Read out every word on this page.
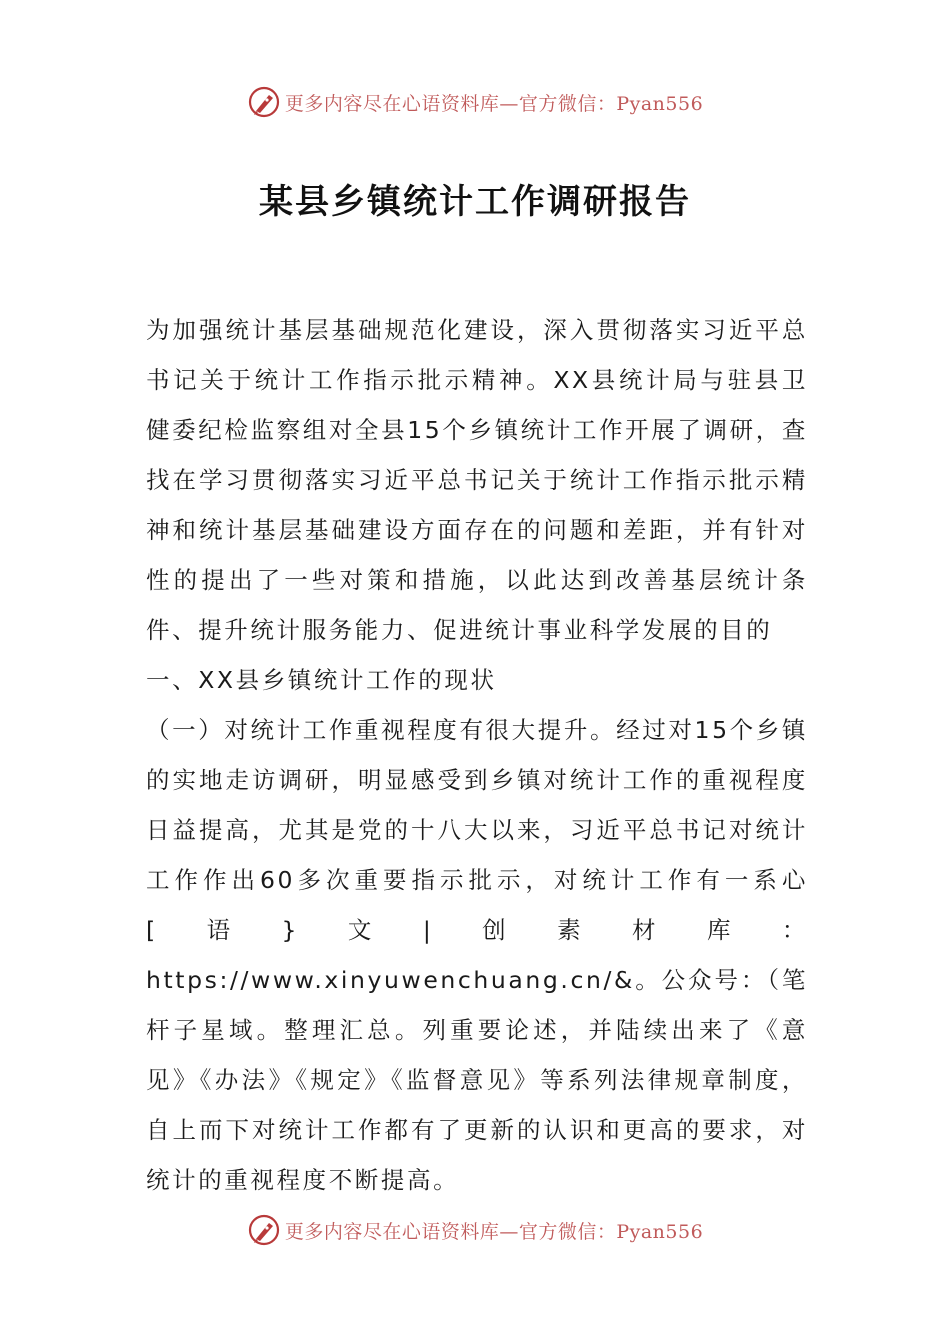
更多内容尽在心语资料库—官方微信：Pyan556
某县乡镇统计工作调研报告

为加强统计基层基础规范化建设，深入贯彻落实习近平总书记关于统计工作指示批示精神。XX县统计局与驻县卫健委纪检监察组对全县15个乡镇统计工作开展了调研，查找在学习贯彻落实习近平总书记关于统计工作指示批示精神和统计基层基础建设方面存在的问题和差距，并有针对性的提出了一些对策和措施，以此达到改善基层统计条件、提升统计服务能力、促进统计事业科学发展的目的

一、XX县乡镇统计工作的现状

（一）对统计工作重视程度有很大提升。经过对15个乡镇的实地走访调研，明显感受到乡镇对统计工作的重视程度日益提高，尤其是党的十八大以来，习近平总书记对统计工作作出60多次重要指示批示，对统计工作有一系心[语}文|创素材库：https://www.xinyuwenchuang.cn/&。公众号：（笔杆子星域。整理汇总。列重要论述，并陆续出来了《意见》《办法》《规定》《监督意见》等系列法律规章制度，自上而下对统计工作都有了更新的认识和更高的要求，对统计的重视程度不断提高。

更多内容尽在心语资料库—官方微信：Pyan556
